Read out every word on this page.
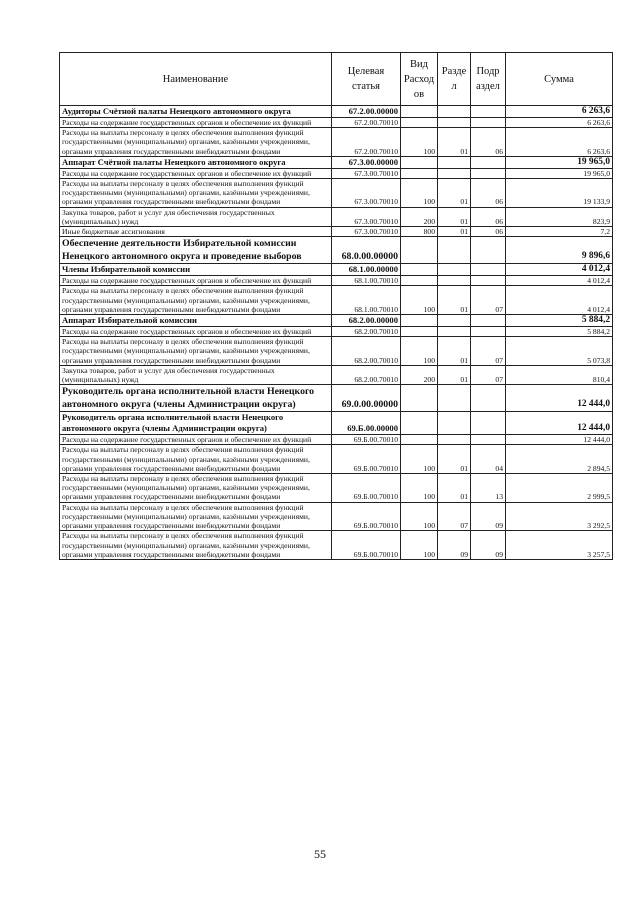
Наименование	Целевая статья	Вид Расход ов	Разде л	Подр аздел	Сумма
Аудиторы Счётной палаты Ненецкого автономного округа	67.2.00.00000				6 263,6
Расходы на содержание государственных органов и обеспечение их функций	67.2.00.70010				6 263,6
Расходы на выплаты персоналу в целях обеспечения выполнения функций государственными (муниципальными) органами, казёнными учреждениями, органами управления государственными внебюджетными фондами	67.2.00.70010	100	01	06	6 263,6
Аппарат Счётной палаты Ненецкого автономного округа	67.3.00.00000				19 965,0
Расходы на содержание государственных органов и обеспечение их функций	67.3.00.70010				19 965,0
Расходы на выплаты персоналу в целях обеспечения выполнения функций государственными (муниципальными) органами, казёнными учреждениями, органами управления государственными внебюджетными фондами	67.3.00.70010	100	01	06	19 133,9
Закупка товаров, работ и услуг для обеспечения государственных (муниципальных) нужд	67.3.00.70010	200	01	06	823,9
Иные бюджетные ассигнования	67.3.00.70010	800	01	06	7,2
Обеспечение деятельности Избирательной комиссии Ненецкого автономного округа и проведение выборов	68.0.00.00000				9 896,6
Члены Избирательной комиссии	68.1.00.00000				4 012,4
Расходы на содержание государственных органов и обеспечение их функций	68.1.00.70010				4 012,4
Расходы на выплаты персоналу в целях обеспечения выполнения функций государственными (муниципальными) органами, казёнными учреждениями, органами управления государственными внебюджетными фондами	68.1.00.70010	100	01	07	4 012,4
Аппарат Избирательной комиссии	68.2.00.00000				5 884,2
Расходы на содержание государственных органов и обеспечение их функций	68.2.00.70010				5 884,2
Расходы на выплаты персоналу в целях обеспечения выполнения функций государственными (муниципальными) органами, казёнными учреждениями, органами управления государственными внебюджетными фондами	68.2.00.70010	100	01	07	5 073,8
Закупка товаров, работ и услуг для обеспечения государственных (муниципальных) нужд	68.2.00.70010	200	01	07	810,4
Руководитель органа исполнительной власти Ненецкого автономного округа (члены Администрации округа)	69.0.00.00000				12 444,0
Руководитель органа исполнительной власти Ненецкого автономного округа (члены Администрации округа)	69.Б.00.00000				12 444,0
Расходы на содержание государственных органов и обеспечение их функций	69.Б.00.70010				12 444,0
Расходы на выплаты персоналу в целях обеспечения выполнения функций государственными (муниципальными) органами, казёнными учреждениями, органами управления государственными внебюджетными фондами	69.Б.00.70010	100	01	04	2 894,5
Расходы на выплаты персоналу в целях обеспечения выполнения функций государственными (муниципальными) органами, казёнными учреждениями, органами управления государственными внебюджетными фондами	69.Б.00.70010	100	01	13	2 999,5
Расходы на выплаты персоналу в целях обеспечения выполнения функций государственными (муниципальными) органами, казёнными учреждениями, органами управления государственными внебюджетными фондами	69.Б.00.70010	100	07	09	3 292,5
Расходы на выплаты персоналу в целях обеспечения выполнения функций государственными (муниципальными) органами, казёнными учреждениями, органами управления государственными внебюджетными фондами	69.Б.00.70010	100	09	09	3 257,5
55
